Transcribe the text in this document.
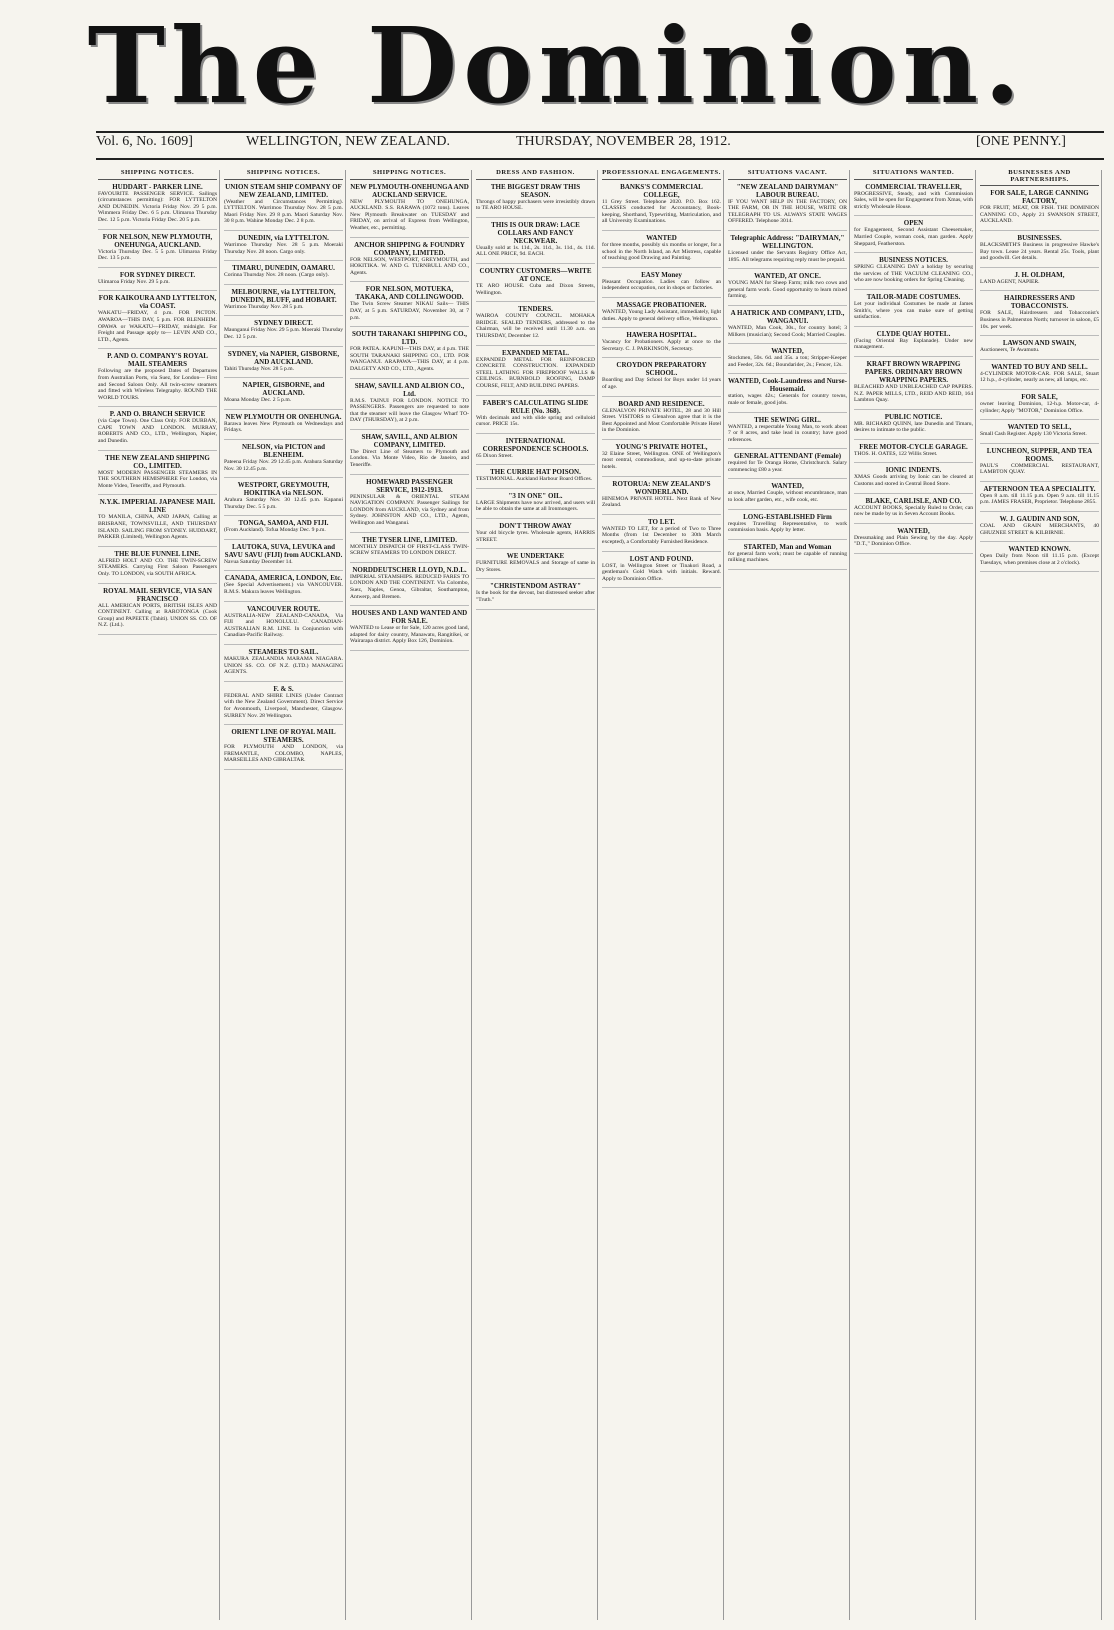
The Dominion.
Vol. 6, No. 1609]	WELLINGTON, NEW ZEALAND.	THURSDAY, NOVEMBER 28, 1912.	[ONE PENNY.]
SHIPPING NOTICES.
HUDDART - PARKER LINE.

FAVOURITE PASSENGER SERVICE. Sailings (circumstances permitting): FOR LYTTELTON AND DUNEDIN. Victoria Friday Nov. 29 5 p.m. Wimmera Friday Dec. 6 5 p.m. Ulimaroa Thursday Dec. 12 5 p.m. Victoria Friday Dec. 20 5 p.m.

FOR NELSON, NEW PLYMOUTH, ONEHUNGA, AUCKLAND.

Victoria Thursday Dec. 5 5 p.m. Ulimaroa Friday Dec. 13 5 p.m.

FOR SYDNEY DIRECT.

Ulimaroa Friday Nov. 29 5 p.m.

FOR KAIKOURA AND LYTTELTON, via COAST.

WAKATU—FRIDAY, 4 p.m. FOR PICTON. AWAROA—THIS DAY, 5 p.m. FOR BLENHEIM. OPAWA or WAKATU—FRIDAY, midnight. For Freight and Passage apply to— LEVIN AND CO., LTD., Agents.

P. AND O. COMPANY'S ROYAL MAIL STEAMERS

Following are the proposed Dates of Departures from Australian Ports, via Suez, for London— First and Second Saloon Only. All twin-screw steamers and fitted with Wireless Telegraphy. ROUND THE WORLD TOURS.

P. AND O. BRANCH SERVICE

(via Cape Town). One Class Only. FOR DURBAN, CAPE TOWN AND LONDON. MURRAY, ROBERTS AND CO., LTD., Wellington, Napier, and Dunedin.

THE NEW ZEALAND SHIPPING CO., LIMITED.

MOST MODERN PASSENGER STEAMERS IN THE SOUTHERN HEMISPHERE For London, via Monte Video, Teneriffe, and Plymouth.

N.Y.K. IMPERIAL JAPANESE MAIL LINE

TO MANILA, CHINA, AND JAPAN, Calling at BRISBANE, TOWNSVILLE, AND THURSDAY ISLAND. SAILING FROM SYDNEY. HUDDART, PARKER (Limited), Wellington Agents.

THE BLUE FUNNEL LINE.

ALFRED HOLT AND CO. THE TWIN-SCREW STEAMERS. Carrying First Saloon Passengers Only. TO LONDON, via SOUTH AFRICA.

ROYAL MAIL SERVICE, VIA SAN FRANCISCO

ALL AMERICAN PORTS, BRITISH ISLES AND CONTINENT. Calling at RAROTONGA (Cook Group) and PAPEETE (Tahiti). UNION SS. CO. OF N.Z. (Ltd.).

SHIPPING NOTICES.
UNION STEAM SHIP COMPANY OF NEW ZEALAND, LIMITED.

(Weather and Circumstances Permitting). LYTTELTON. Warrimoo Thursday Nov. 28 5 p.m. Maori Friday Nov. 29 8 p.m. Maori Saturday Nov. 30 8 p.m. Wahine Monday Dec. 2 8 p.m.

DUNEDIN, via LYTTELTON.

Warrimoo Thursday Nov. 28 5 p.m. Moeraki Thursday Nov. 28 noon. Cargo only.

TIMARU, DUNEDIN, OAMARU.

Corinna Thursday Nov. 28 noon. (Cargo only).

MELBOURNE, via LYTTELTON, DUNEDIN, BLUFF, and HOBART.

Warrimoo Thursday Nov. 28 5 p.m.

SYDNEY DIRECT.

Maunganui Friday Nov. 29 5 p.m. Moeraki Thursday Dec. 12 5 p.m.

SYDNEY, via NAPIER, GISBORNE, AND AUCKLAND.

Tahiti Thursday Nov. 28 5 p.m.

NAPIER, GISBORNE, and AUCKLAND.

Moana Monday Dec. 2 5 p.m.

NEW PLYMOUTH OR ONEHUNGA.

Rarawa leaves New Plymouth on Wednesdays and Fridays.

NELSON, via PICTON and BLENHEIM.

Pateena Friday Nov. 29 12.45 p.m. Arahura Saturday Nov. 30 12.45 p.m.

WESTPORT, GREYMOUTH, HOKITIKA via NELSON.

Arahura Saturday Nov. 30 12.45 p.m. Kapanui Thursday Dec. 5 5 p.m.

TONGA, SAMOA, AND FIJI.

(From Auckland). Tofua Monday Dec. 9 p.m.

LAUTOKA, SUVA, LEVUKA and SAVU SAVU (FIJI) from AUCKLAND.

Navua Saturday December 14.

CANADA, AMERICA, LONDON, Etc.

(See Special Advertisement.) via VANCOUVER. R.M.S. Makura leaves Wellington.

VANCOUVER ROUTE.

AUSTRALIA-NEW ZEALAND-CANADA, Via FIJI and HONOLULU. CANADIAN-AUSTRALIAN R.M. LINE. In Conjunction with Canadian-Pacific Railway.

STEAMERS TO SAIL.

MAKURA ZEALANDIA MARAMA NIAGARA. UNION SS. CO. OF N.Z. (LTD.) MANAGING AGENTS.

F. & S.

FEDERAL AND SHIRE LINES (Under Contract with the New Zealand Government). Direct Service for Avonmouth, Liverpool, Manchester, Glasgow. SURREY Nov. 28 Wellington.

ORIENT LINE OF ROYAL MAIL STEAMERS.

FOR PLYMOUTH AND LONDON, via FREMANTLE, COLOMBO, NAPLES, MARSEILLES AND GIBRALTAR.

SHIPPING NOTICES.
NEW PLYMOUTH-ONEHUNGA AND AUCKLAND SERVICE.

NEW PLYMOUTH TO ONEHUNGA, AUCKLAND. S.S. RARAWA (1072 tons). Leaves New Plymouth Breakwater on TUESDAY and FRIDAY, on arrival of Express from Wellington, Weather, etc., permitting.

ANCHOR SHIPPING & FOUNDRY COMPANY, LIMITED.

FOR NELSON, WESTPORT, GREYMOUTH, and HOKITIKA. W. AND G. TURNBULL AND CO., Agents.

FOR NELSON, MOTUEKA, TAKAKA, AND COLLINGWOOD.

The Twin Screw Steamer NIKAU Sails— THIS DAY, at 5 p.m. SATURDAY, November 30, at 7 p.m.

SOUTH TARANAKI SHIPPING CO., LTD.

FOR PATEA. KAPUNI—THIS DAY, at 4 p.m. THE SOUTH TARANAKI SHIPPING CO., LTD. FOR WANGANUI. ARAPAWA—THIS DAY, at 4 p.m. DALGETY AND CO., LTD., Agents.

SHAW, SAVILL AND ALBION CO., Ltd.

R.M.S. TAINUI FOR LONDON. NOTICE TO PASSENGERS. Passengers are requested to note that the steamer will leave the Glasgow Wharf TO-DAY (THURSDAY), at 2 p.m.

SHAW, SAVILL, AND ALBION COMPANY, LIMITED.

The Direct Line of Steamers to Plymouth and London. Via Monte Video, Rio de Janeiro, and Teneriffe.

HOMEWARD PASSENGER SERVICE, 1912-1913.

PENINSULAR & ORIENTAL STEAM NAVIGATION COMPANY. Passenger Sailings for LONDON from AUCKLAND, via Sydney and from Sydney. JOHNSTON AND CO., LTD., Agents, Wellington and Wanganui.

THE TYSER LINE, LIMITED.

MONTHLY DISPATCH OF FIRST-CLASS TWIN-SCREW STEAMERS TO LONDON DIRECT.

NORDDEUTSCHER LLOYD, N.D.L.

IMPERIAL STEAMSHIPS. REDUCED FARES TO LONDON AND THE CONTINENT. Via Colombo, Suez, Naples, Genoa, Gibraltar, Southampton, Antwerp, and Bremen.

HOUSES AND LAND WANTED AND FOR SALE.

WANTED to Lease or for Sale, 120 acres good land, adapted for dairy country, Manawatu, Rangitikei, or Wairarapa district. Apply Box 126, Dominion.

DRESS AND FASHION.
THE BIGGEST DRAW THIS SEASON.

Throngs of happy purchasers were irresistibly drawn to TE ARO HOUSE.

THIS IS OUR DRAW: LACE COLLARS AND FANCY NECKWEAR.

Usually sold at 1s. 11d., 2s. 11d., 3s. 11d., 4s. 11d. ALL ONE PRICE, 9d. EACH.

COUNTRY CUSTOMERS—WRITE AT ONCE.

TE ARO HOUSE. Cuba and Dixon Streets, Wellington.

TENDERS.

WAIROA COUNTY COUNCIL. MOHAKA BRIDGE. SEALED TENDERS, addressed to the Chairman, will be received until 11.30 a.m. on THURSDAY, December 12.

EXPANDED METAL.

EXPANDED METAL FOR REINFORCED CONCRETE CONSTRUCTION. EXPANDED STEEL LATHING FOR FIREPROOF WALLS & CEILINGS. BURNBOLD ROOFING, DAMP COURSE, FELT, AND BUILDING PAPERS.

FABER'S CALCULATING SLIDE RULE (No. 368).

With decimals and with slide spring and celluloid cursor. PRICE 15s.

INTERNATIONAL CORRESPONDENCE SCHOOLS.

65 Dixon Street.

THE CURRIE HAT POISON.

TESTIMONIAL. Auckland Harbour Board Offices.

"3 IN ONE" OIL.

LARGE Shipments have now arrived, and users will be able to obtain the same at all Ironmongers.

DON'T THROW AWAY

Your old bicycle tyres. Wholesale agents, HARRIS STREET.

WE UNDERTAKE

FURNITURE REMOVALS and Storage of same in Dry Stores.

"CHRISTENDOM ASTRAY"

Is the book for the devout, but distressed seeker after "Truth."

PROFESSIONAL ENGAGEMENTS.
BANKS'S COMMERCIAL COLLEGE,

11 Grey Street. Telephone 2020. P.O. Box 162. CLASSES conducted for Accountancy, Book-keeping, Shorthand, Typewriting, Matriculation, and all University Examinations.

WANTED

for three months, possibly six months or longer, for a school in the North Island, an Art Mistress, capable of teaching good Drawing and Painting.

EASY Money

Pleasant Occupation. Ladies can follow an independent occupation, not in shops or factories.

MASSAGE PROBATIONER.

WANTED, Young Lady Assistant, immediately, light duties. Apply to general delivery office, Wellington.

HAWERA HOSPITAL.

Vacancy for Probationers. Apply at once to the Secretary. C. J. PARKINSON, Secretary.

CROYDON PREPARATORY SCHOOL.

Boarding and Day School for Boys under 14 years of age.

BOARD AND RESIDENCE.

GLENALVON PRIVATE HOTEL, 28 and 30 Hill Street. VISITORS to Glenalvon agree that it is the Best Appointed and Most Comfortable Private Hotel in the Dominion.

YOUNG'S PRIVATE HOTEL,

32 Elaine Street, Wellington. ONE of Wellington's most central, commodious, and up-to-date private hotels.

ROTORUA: NEW ZEALAND'S WONDERLAND.

HINEMOA PRIVATE HOTEL. Next Bank of New Zealand.

TO LET.

WANTED TO LET, for a period of Two to Three Months (from 1st December to 30th March excepted), a Comfortably Furnished Residence.

LOST AND FOUND.

LOST, in Wellington Street or Tinakori Road, a gentleman's Gold Watch with initials. Reward. Apply to Dominion Office.

SITUATIONS VACANT.
"NEW ZEALAND DAIRYMAN" LABOUR BUREAU.

IF YOU WANT HELP IN THE FACTORY, ON THE FARM, OR IN THE HOUSE, WRITE OR TELEGRAPH TO US. ALWAYS STATE WAGES OFFERED. Telephone 3014.

Telegraphic Address: "DAIRYMAN," WELLINGTON.

Licensed under the Servants Registry Office Act, 1895. All telegrams requiring reply must be prepaid.

WANTED, AT ONCE.

YOUNG MAN for Sheep Farm; milk two cows and general farm work. Good opportunity to learn mixed farming.

A HATRICK AND COMPANY, LTD., WANGANUI.

WANTED, Man Cook, 30s., for country hotel; 3 Milkers (musician); Second Cook; Married Couples.

WANTED,

Stockmen, 50s. 6d. and 35s. a ton; Stripper-Keeper and Feeder, 32s. 6d.; Boundarider, 2s.; Fencer, 12s.

WANTED, Cook-Laundress and Nurse-Housemaid.

station, wages 42s.; Generals for country towns, male or female, good jobs.

THE SEWING GIRL.

WANTED, a respectable Young Man, to work about 7 or 8 acres, and take lead in country; have good references.

GENERAL ATTENDANT (Female)

required for Te Oranga Home, Christchurch. Salary commencing £80 a year.

WANTED,

at once, Married Couple, without encumbrance, man to look after garden, etc., wife cook, etc.

LONG-ESTABLISHED Firm

requires Travelling Representative, to work commission basis. Apply by letter.

STARTED, Man and Woman

for general farm work; must be capable of running milking machines.

SITUATIONS WANTED.
COMMERCIAL TRAVELLER,

PROGRESSIVE, Steady, and with Commission Sales, will be open for Engagement from Xmas, with strictly Wholesale House.

OPEN

for Engagement, Second Assistant Cheesemaker, Married Couple, woman cook, man garden. Apply Sheppard, Featherston.

BUSINESS NOTICES.

SPRING CLEANING DAY a holiday by securing the services of THE VACUUM CLEANING CO., who are now booking orders for Spring Cleaning.

TAILOR-MADE COSTUMES.

Let your individual Costumes be made at James Smith's, where you can make sure of getting satisfaction.

CLYDE QUAY HOTEL.

(Facing Oriental Bay Esplanade). Under new management.

KRAFT BROWN WRAPPING PAPERS. ORDINARY BROWN WRAPPING PAPERS.

BLEACHED AND UNBLEACHED CAP PAPERS. N.Z. PAPER MILLS, LTD., REID AND REID, 164 Lambton Quay.

PUBLIC NOTICE.

MR. RICHARD QUINN, late Dunedin and Timaru, desires to intimate to the public.

FREE MOTOR-CYCLE GARAGE.

THOS. H. OATES, 122 Willis Street.

IONIC INDENTS.

XMAS Goods arriving by Ionic can be cleared at Customs and stored in Central Bond Store.

BLAKE, CARLISLE, AND CO.

ACCOUNT BOOKS, Specially Ruled to Order, can now be made by us in Seven Account Books.

WANTED,

Dressmaking and Plain Sewing by the day. Apply "D.T.," Dominion Office.

BUSINESSES AND PARTNERSHIPS.
FOR SALE, LARGE CANNING FACTORY,

FOR FRUIT, MEAT, OR FISH. THE DOMINION CANNING CO., Apply 21 SWANSON STREET, AUCKLAND.

BUSINESSES.

BLACKSMITH'S Business in progressive Hawke's Bay town. Lease 24 years. Rental 25s. Tools, plant and goodwill. Get details.

J. H. OLDHAM,

LAND AGENT, NAPIER.

HAIRDRESSERS AND TOBACCONISTS.

FOR SALE, Hairdressers and Tobacconist's Business in Palmerston North; turnover in saloon, £5 10s. per week.

LAWSON AND SWAIN,

Auctioneers, Te Awamutu.

WANTED TO BUY AND SELL.

4-CYLINDER MOTOR-CAR. FOR SALE, Stuart 12 h.p., 4-cylinder, nearly as new, all lamps, etc.

FOR SALE,

owner leaving Dominion, 12-h.p. Motor-car, 4-cylinder; Apply "MOTOR," Dominion Office.

WANTED TO SELL,

Small Cash Register. Apply 130 Victoria Street.

LUNCHEON, SUPPER, AND TEA ROOMS.

PAUL'S COMMERCIAL RESTAURANT, LAMBTON QUAY.

AFTERNOON TEA A SPECIALITY.

Open 8 a.m. till 11.15 p.m. Open 9 a.m. till 11.15 p.m. JAMES FRASER, Proprietor. Telephone 2855.

W. J. GAUDIN AND SON,

COAL AND GRAIN MERCHANTS, 40 GHUZNEE STREET & KILBIRNIE.

WANTED KNOWN.

Open Daily from Noon till 11.15 p.m. (Except Tuesdays, when premises close at 2 o'clock).
